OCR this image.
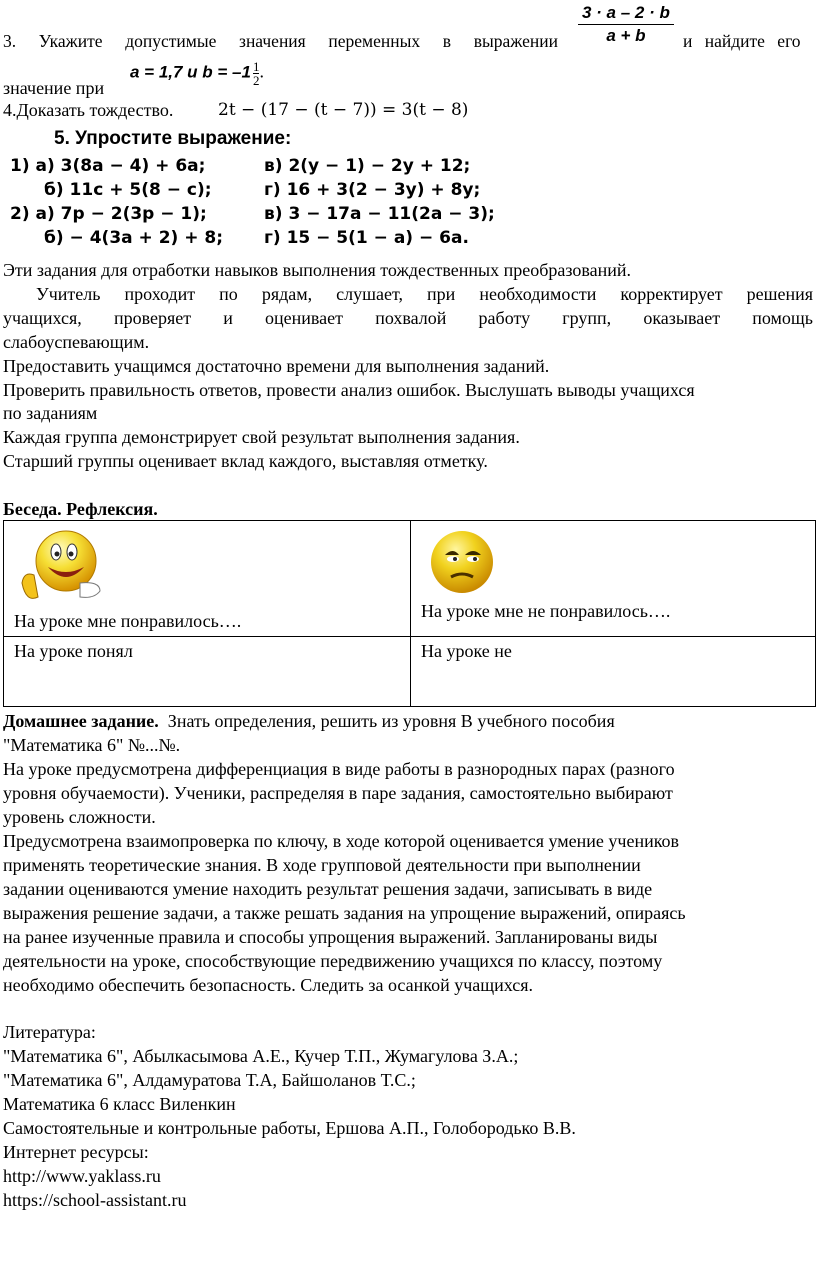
3. Укажите допустимые значения переменных в выражении $\frac{3 \cdot a - 2 \cdot b}{a + b}$ и найдите его
значение при
a = 1,7 и $b = -1 \frac{1}{2}$ .
4.Доказать тождество.	2t − (17 − (t − 7)) = 3(t − 8)
5. Упростите выражение:
1) а) 3(8a − 4) + 6a;	в) 2(y − 1) − 2y + 12;
б) 11c + 5(8 − c);	г) 16 + 3(2 − 3y) + 8y;
2) а) 7p − 2(3p − 1);	в) 3 − 17a − 11(2a − 3);
б) − 4(3a + 2) + 8; г) 15 − 5(1 − a) − 6a.
Эти задания для отработки навыков выполнения тождественных преобразований.
Учитель проходит по рядам, слушает, при необходимости корректирует решения
учащихся, проверяет и оценивает похвалой работу групп, оказывает помощь
слабоуспевающим.
Предоставить учащимся достаточно времени для выполнения заданий.
Проверить правильность ответов, провести анализ ошибок. Выслушать выводы учащихся
по заданиям
Каждая группа демонстрирует свой результат выполнения задания.
Старший группы оценивает вклад каждого, выставляя отметку.
Беседа. Рефлексия.
На уроке мне понравилось….	На уроке мне не понравилось….
На уроке понял	На уроке не
Домашнее задание. Знать определения, решить из уровня В учебного пособия
"Математика 6" №...№.
На уроке предусмотрена дифференциация в виде работы в разнородных парах (разного
уровня обучаемости). Ученики, распределяя в паре задания, самостоятельно выбирают
уровень сложности.
Предусмотрена взаимопроверка по ключу, в ходе которой оценивается умение учеников
применять теоретические знания. В ходе групповой деятельности при выполнении
задании оцениваются умение находить результат решения задачи, записывать в виде
выражения решение задачи, а также решать задания на упрощение выражений, опираясь
на ранее изученные правила и способы упрощения выражений. Запланированы виды
деятельности на уроке, способствующие передвижению учащихся по классу, поэтому
необходимо обеспечить безопасность. Следить за осанкой учащихся.
Литература:
"Математика 6", Абылкасымова А.Е., Кучер Т.П., Жумагулова З.А.;
"Математика 6", Алдамуратова Т.А, Байшоланов Т.С.;
Математика 6 класс Виленкин
Самостоятельные и контрольные работы, Ершова А.П., Голобородько В.В.
Интернет ресурсы:
http://www.yaklass.ru
https://school-assistant.ru
